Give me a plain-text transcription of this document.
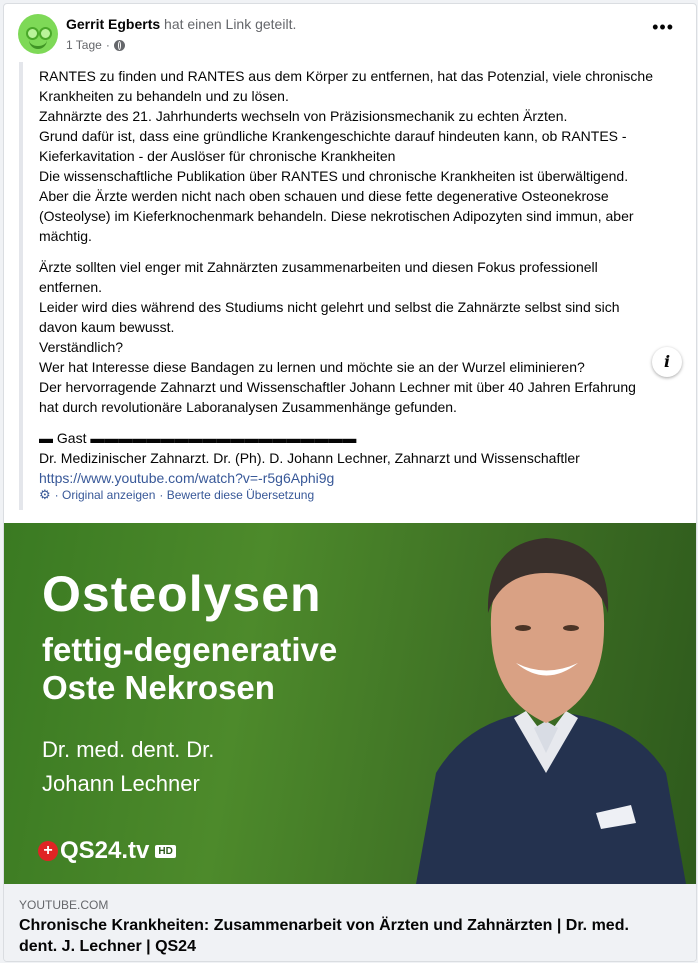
Gerrit Egberts hat einen Link geteilt.
1 Tage ·
•••

RANTES zu finden und RANTES aus dem Körper zu entfernen, hat das Potenzial, viele chronische
Krankheiten zu behandeln und zu lösen.
Zahnärzte des 21. Jahrhunderts wechseln von Präzisionsmechanik zu echten Ärzten.
Grund dafür ist, dass eine gründliche Krankengeschichte darauf hindeuten kann, ob RANTES -
Kieferkavitation - der Auslöser für chronische Krankheiten
Die wissenschaftliche Publikation über RANTES und chronische Krankheiten ist überwältigend.
Aber die Ärzte werden nicht nach oben schauen und diese fette degenerative Osteonekrose
(Osteolyse) im Kieferknochenmark behandeln. Diese nekrotischen Adipozyten sind immun, aber
mächtig.

Ärzte sollten viel enger mit Zahnärzten zusammenarbeiten und diesen Fokus professionell
entfernen.
Leider wird dies während des Studiums nicht gelehrt und selbst die Zahnärzte selbst sind sich
davon kaum bewusst.
Verständlich?
Wer hat Interesse diese Bandagen zu lernen und möchte sie an der Wurzel eliminieren?
Der hervorragende Zahnarzt und Wissenschaftler Johann Lechner mit über 40 Jahren Erfahrung
hat durch revolutionäre Laboranalysen Zusammenhänge gefunden.

▬ Gast ▬▬▬▬▬▬▬▬▬▬▬▬▬▬▬▬▬▬▬
Dr. Medizinischer Zahnarzt. Dr. (Ph). D. Johann Lechner, Zahnarzt und Wissenschaftler
https://www.youtube.com/watch?v=-r5g6Aphi9g

⚙ · Original anzeigen · Bewerte diese Übersetzung
Osteolysen
fettig-degenerative
Oste Nekrosen
Dr. med. dent. Dr.
Johann Lechner
+ QS24.tv HD
i
YOUTUBE.COM
Chronische Krankheiten: Zusammenarbeit von Ärzten und Zahnärzten | Dr. med. dent. J. Lechner | QS24
